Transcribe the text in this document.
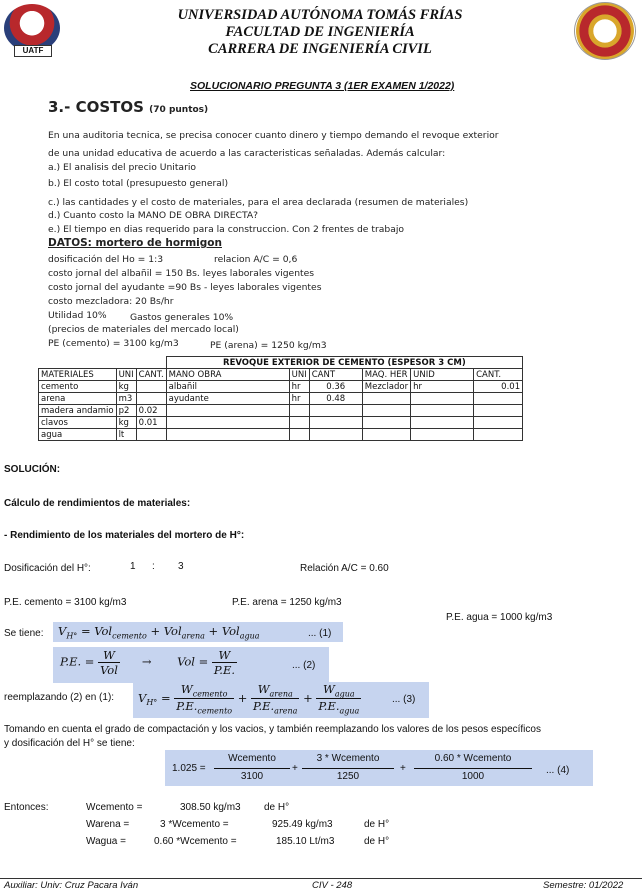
UATF
UNIVERSIDAD AUTÓNOMA TOMÁS FRÍAS
FACULTAD DE INGENIERÍA
CARRERA DE INGENIERÍA CIVIL
SOLUCIONARIO PREGUNTA 3 (1ER EXAMEN 1/2022)
3.- COSTOS (70 puntos)
En una auditoria tecnica, se precisa conocer cuanto dinero y tiempo demando el revoque exterior
de una unidad educativa de acuerdo a las caracteristicas señaladas. Además calcular:
a.) El analisis del precio Unitario
b.) El costo total (presupuesto general)
c.) las cantidades y el costo de materiales, para el area declarada (resumen de materiales)
d.) Cuanto costo la MANO DE OBRA DIRECTA?
e.) El tiempo en dias requerido para la construccion. Con 2 frentes de trabajo
DATOS: mortero de hormigon
dosificación del Ho = 1:3	relacion A/C = 0,6
costo jornal del albañil = 150 Bs. leyes laborales vigentes
costo jornal del ayudante =90 Bs - leyes laborales vigentes
costo mezcladora: 20 Bs/hr
Utilidad 10%	Gastos generales 10%
(precios de materiales del mercado local)
PE (cemento) = 3100 kg/m3	PE (arena) = 1250 kg/m3
			REVOQUE EXTERIOR DE CEMENTO (ESPESOR 3 CM)					
MATERIALES	UNI	CANT.	MANO OBRA	UNI	CANT	MAQ. HER	UNID	CANT.
cemento	kg		albañil	hr	0.36	Mezclador	hr	0.01
arena	m3		ayudante	hr	0.48			
madera andamio	p2	0.02						
clavos	kg	0.01						
agua	lt							
SOLUCIÓN:
Cálculo de rendimientos de materiales:
- Rendimiento de los materiales del mortero de H°:
Dosificación del H°:	1 : 3	Relación A/C = 0.60
P.E. cemento = 3100 kg/m3	P.E. arena = 1250 kg/m3
P.E. agua = 1000 kg/m3
Se tiene: $V_{H^\circ} = Vol_{cemento} + Vol_{arena} + Vol_{agua}$	... (1)
P.E. = $\frac{W}{\text{Vol}}$ →       Vol = $\frac{W}{P.E.}$	... (2)
reemplazando (2) en (1): $V_{H^\circ} = \frac{W_{cemento}}{P.E._{cemento}} + \frac{W_{arena}}{P.E._{arena}} + \frac{W_{agua}}{P.E._{agua}}$	... (3)
Tomando en cuenta el grado de compactación y los vacios, y también reemplazando los valores de los pesos específicos
y dosificación del H° se tiene:
1.025 =
Wcemento
3100
+
3 * Wcemento
1250
+
0.60 * Wcemento
1000
... (4)
Entonces:	Wcemento =	308.50 kg/m3 de H°
Warena =	3 *Wcemento =	925.49 kg/m3	de H°
Wagua =	0.60 *Wcemento =	185.10 Lt/m3	de H°
Auxiliar: Univ: Cruz Pacara Iván	CIV - 248	Semestre: 01/2022
